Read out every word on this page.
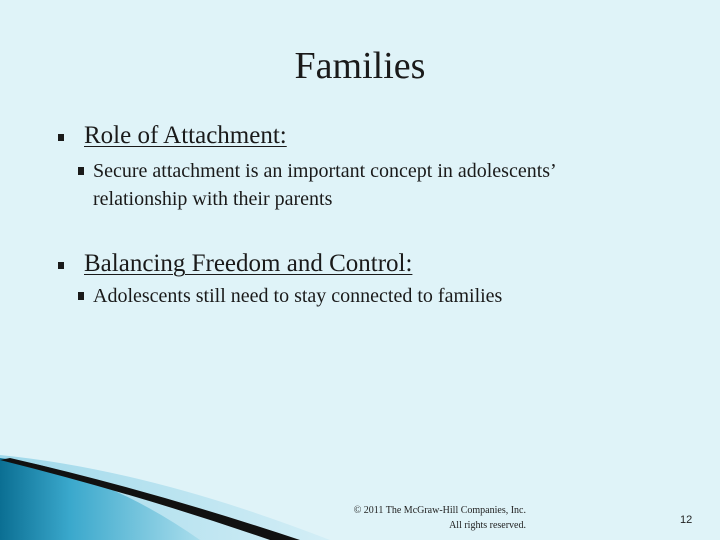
Families
Role of Attachment:
Secure attachment is an important concept in adolescents’ relationship with their parents
Balancing Freedom and Control:
Adolescents still need to stay connected to families
© 2011 The McGraw-Hill Companies, Inc.
All rights reserved.	12
